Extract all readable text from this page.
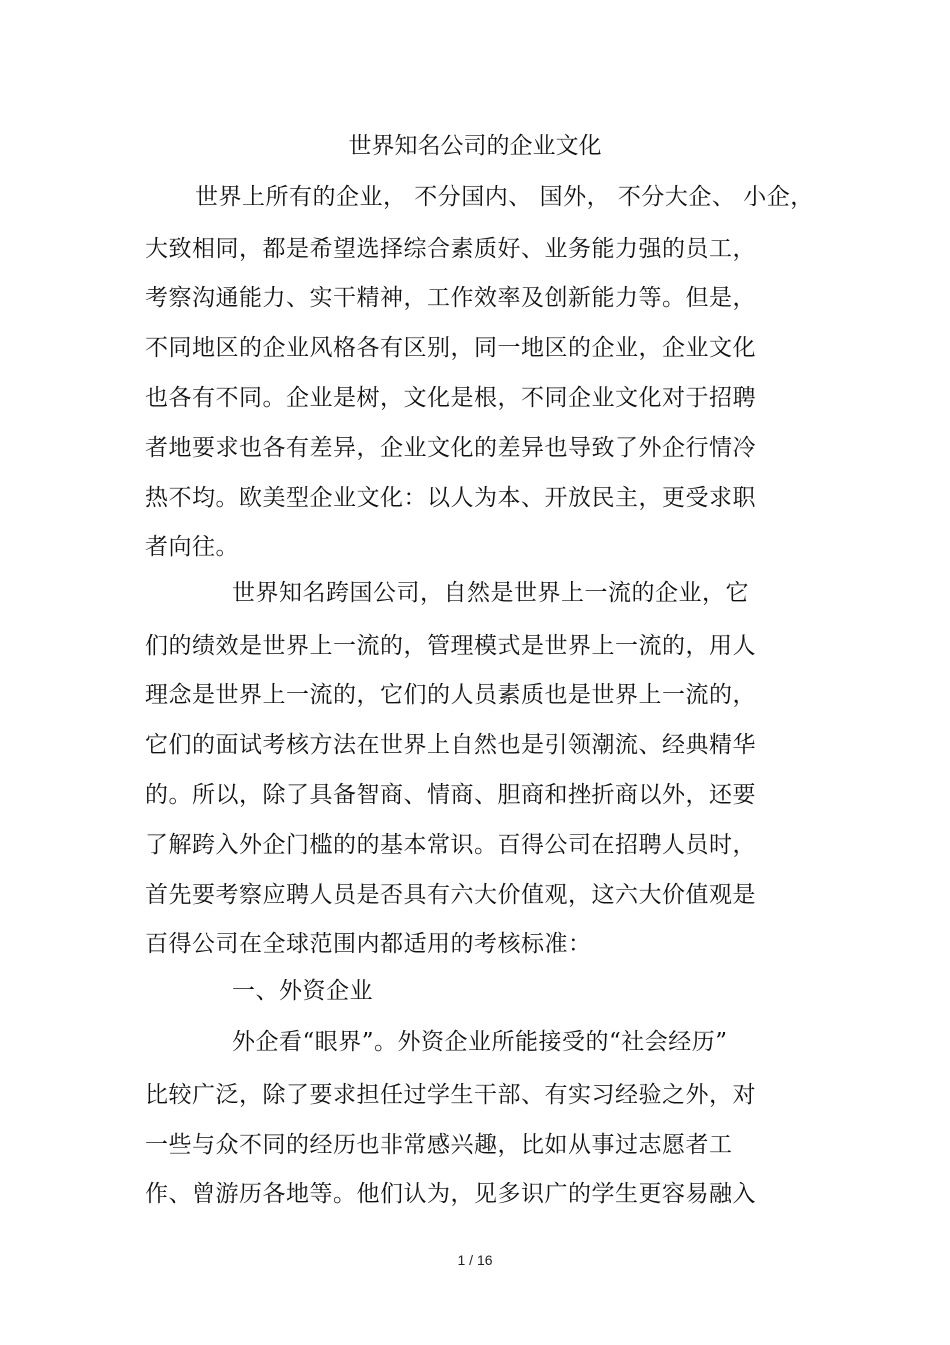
世界知名公司的企业文化
世界上所有的企业， 不分国内、 国外， 不分大企、 小企，
大致相同，都是希望选择综合素质好、业务能力强的员工，
考察沟通能力、实干精神，工作效率及创新能力等。但是，
不同地区的企业风格各有区别，同一地区的企业，企业文化
也各有不同。企业是树，文化是根，不同企业文化对于招聘
者地要求也各有差异，企业文化的差异也导致了外企行情冷
热不均。欧美型企业文化：以人为本、开放民主，更受求职
者向往。
世界知名跨国公司，自然是世界上一流的企业，它
们的绩效是世界上一流的，管理模式是世界上一流的，用人
理念是世界上一流的，它们的人员素质也是世界上一流的，
它们的面试考核方法在世界上自然也是引领潮流、经典精华
的。所以，除了具备智商、情商、胆商和挫折商以外，还要
了解跨入外企门槛的的基本常识。百得公司在招聘人员时，
首先要考察应聘人员是否具有六大价值观，这六大价值观是
百得公司在全球范围内都适用的考核标准：
一、外资企业
外企看“眼界”。外资企业所能接受的“社会经历”
比较广泛，除了要求担任过学生干部、有实习经验之外，对
一些与众不同的经历也非常感兴趣，比如从事过志愿者工
作、曾游历各地等。他们认为，见多识广的学生更容易融入
1 / 16
